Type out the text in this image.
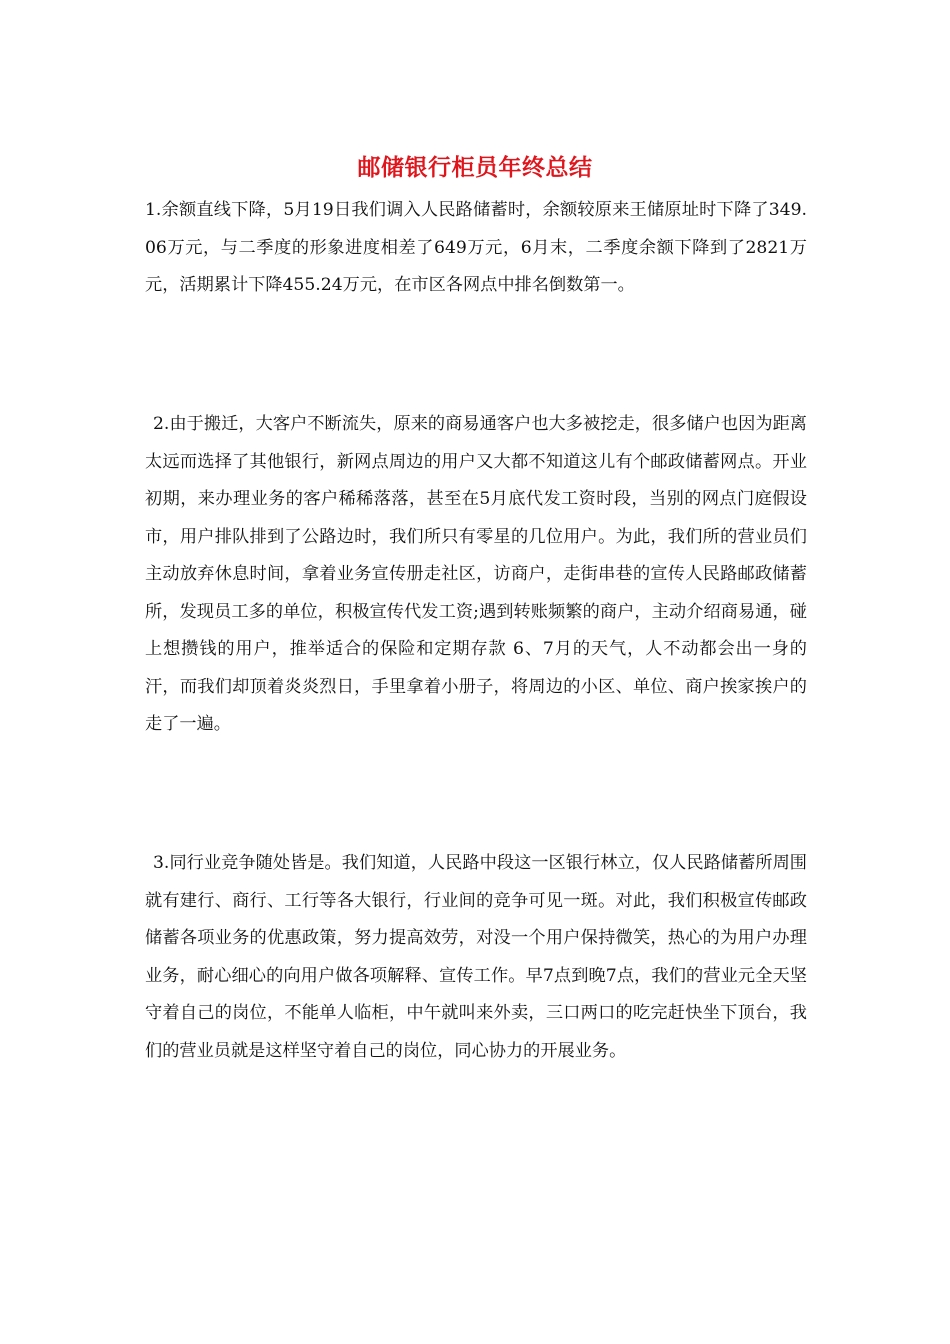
邮储银行柜员年终总结

1.余额直线下降，5月19日我们调入人民路储蓄时，余额较原来王储原址时下降了349.06万元，与二季度的形象进度相差了649万元，6月末，二季度余额下降到了2821万元，活期累计下降455.24万元，在市区各网点中排名倒数第一。

2.由于搬迁，大客户不断流失，原来的商易通客户也大多被挖走，很多储户也因为距离太远而选择了其他银行，新网点周边的用户又大都不知道这儿有个邮政储蓄网点。开业初期，来办理业务的客户稀稀落落，甚至在5月底代发工资时段，当别的网点门庭假设市，用户排队排到了公路边时，我们所只有零星的几位用户。为此，我们所的营业员们主动放弃休息时间，拿着业务宣传册走社区，访商户，走街串巷的宣传人民路邮政储蓄所，发现员工多的单位，积极宣传代发工资;遇到转账频繁的商户，主动介绍商易通，碰上想攒钱的用户，推举适合的保险和定期存款 6、7月的天气，人不动都会出一身的汗，而我们却顶着炎炎烈日，手里拿着小册子，将周边的小区、单位、商户挨家挨户的走了一遍。

3.同行业竞争随处皆是。我们知道，人民路中段这一区银行林立，仅人民路储蓄所周围就有建行、商行、工行等各大银行，行业间的竞争可见一斑。对此，我们积极宣传邮政储蓄各项业务的优惠政策，努力提高效劳，对没一个用户保持微笑，热心的为用户办理业务，耐心细心的向用户做各项解释、宣传工作。早7点到晚7点，我们的营业元全天坚守着自己的岗位，不能单人临柜，中午就叫来外卖，三口两口的吃完赶快坐下顶台，我们的营业员就是这样坚守着自己的岗位，同心协力的开展业务。
